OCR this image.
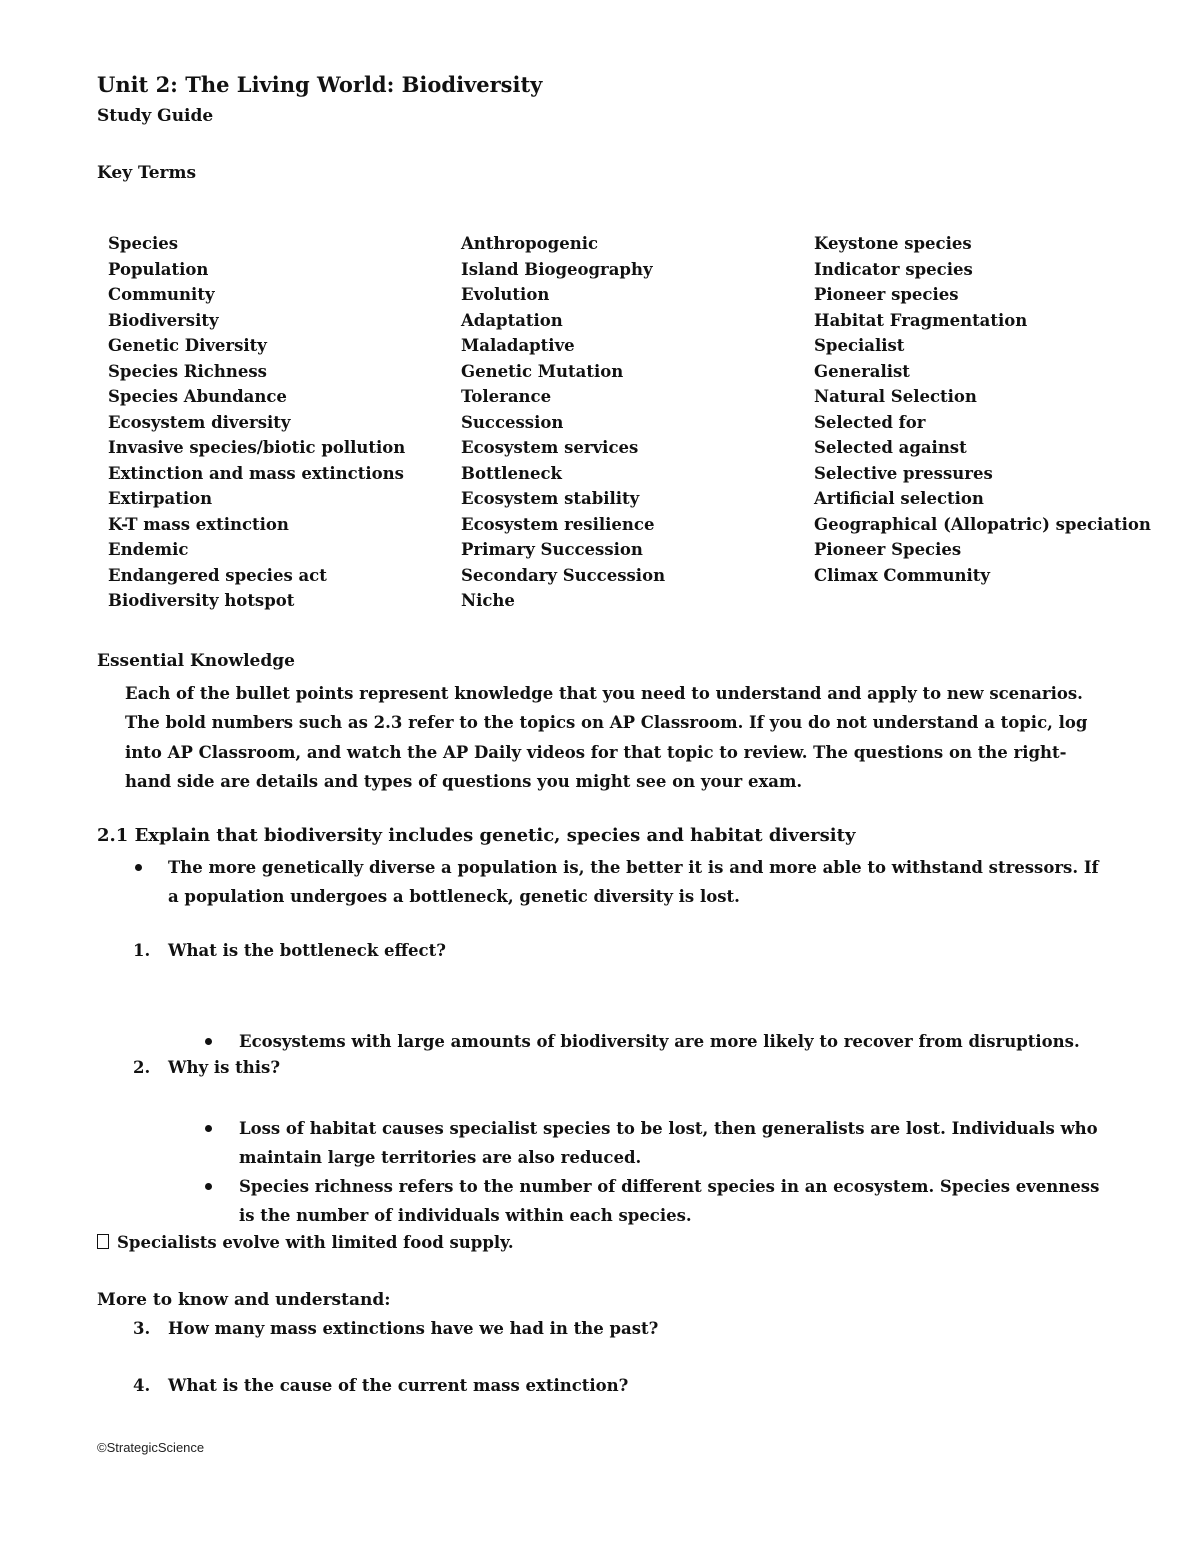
Unit 2: The Living World: Biodiversity
Study Guide
Key Terms
Species
Population
Community
Biodiversity
Genetic Diversity
Species Richness
Species Abundance
Ecosystem diversity
Invasive species/biotic pollution
Extinction and mass extinctions
Extirpation
K-T mass extinction
Endemic
Endangered species act
Biodiversity hotspot
Anthropogenic
Island Biogeography
Evolution
Adaptation
Maladaptive
Genetic Mutation
Tolerance
Succession
Ecosystem services
Bottleneck
Ecosystem stability
Ecosystem resilience
Primary Succession
Secondary Succession
Niche
Keystone species
Indicator species
Pioneer species
Habitat Fragmentation
Specialist
Generalist
Natural Selection
Selected for
Selected against
Selective pressures
Artificial selection
Geographical (Allopatric) speciation
Pioneer Species
Climax Community
Essential Knowledge
Each of the bullet points represent knowledge that you need to understand and apply to new scenarios. The bold numbers such as 2.3 refer to the topics on AP Classroom. If you do not understand a topic, log into AP Classroom, and watch the AP Daily videos for that topic to review. The questions on the right-hand side are details and types of questions you might see on your exam.
2.1 Explain that biodiversity includes genetic, species and habitat diversity
The more genetically diverse a population is, the better it is and more able to withstand stressors. If a population undergoes a bottleneck, genetic diversity is lost.
1. What is the bottleneck effect?
Ecosystems with large amounts of biodiversity are more likely to recover from disruptions.
2. Why is this?
Loss of habitat causes specialist species to be lost, then generalists are lost. Individuals who maintain large territories are also reduced.
Species richness refers to the number of different species in an ecosystem. Species evenness is the number of individuals within each species.
Specialists evolve with limited food supply.
More to know and understand:
3. How many mass extinctions have we had in the past?
4. What is the cause of the current mass extinction?
©StrategicScience
